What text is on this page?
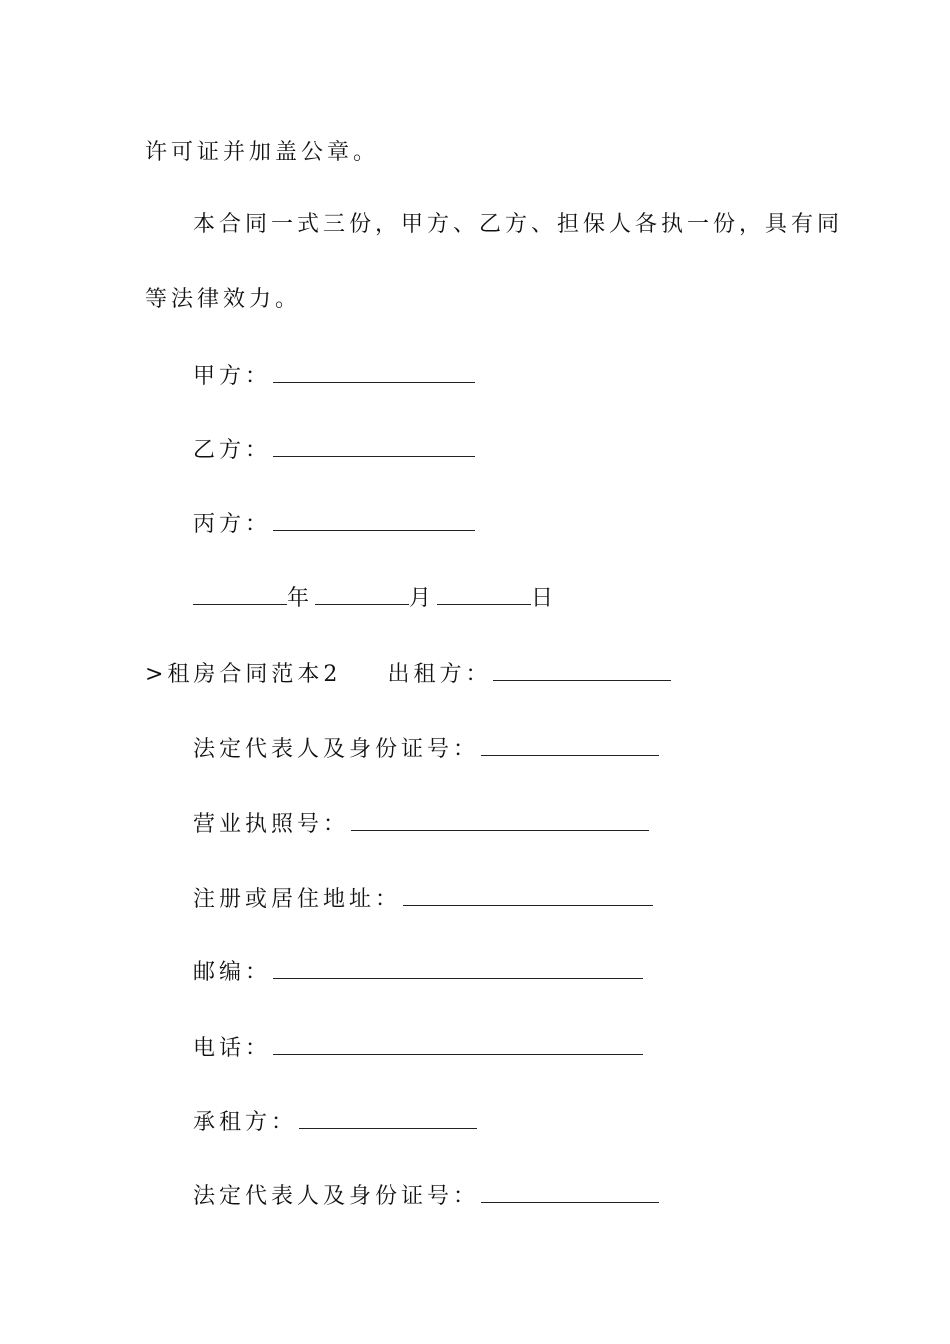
许可证并加盖公章。
本合同一式三份，甲方、乙方、担保人各执一份，具有同
等法律效力。
甲方：
乙方：
丙方：
年	月	日
>租房合同范本2 出租方：
法定代表人及身份证号：
营业执照号：
注册或居住地址：
邮编：
电话：
承租方：
法定代表人及身份证号：
